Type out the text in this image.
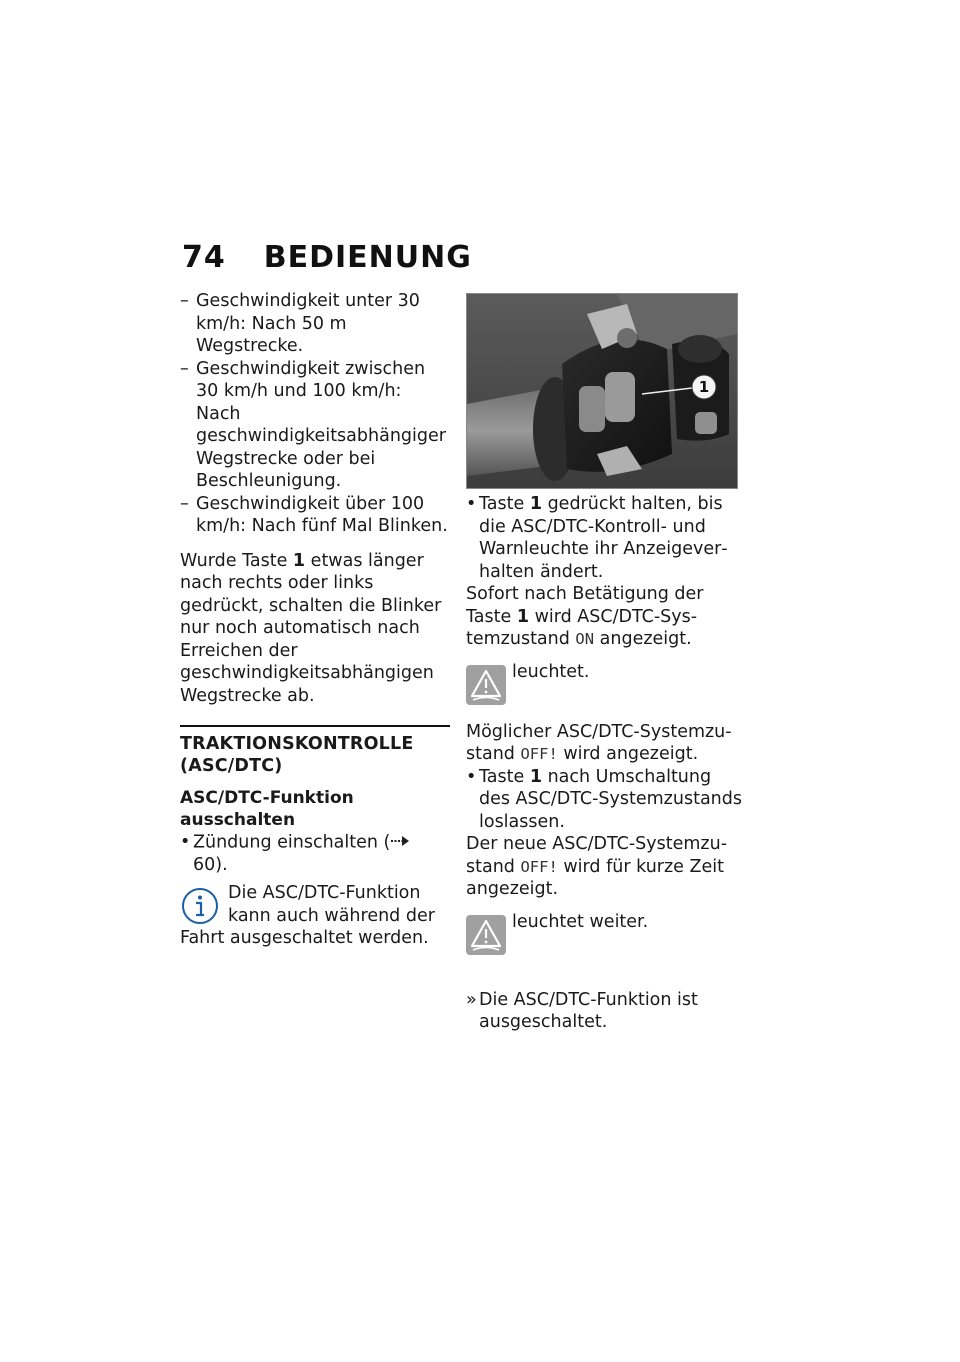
74 BEDIENUNG
– Geschwindigkeit unter 30 km/h: Nach 50 m Wegstrecke.
– Geschwindigkeit zwischen 30 km/h und 100 km/h: Nach geschwindigkeitsabhängiger Wegstrecke oder bei Beschleunigung.
– Geschwindigkeit über 100 km/h: Nach fünf Mal Blinken.

Wurde Taste 1 etwas länger nach rechts oder links gedrückt, schalten die Blinker nur noch automatisch nach Erreichen der geschwindigkeitsabhängigen Wegstrecke ab.

TRAKTIONSKONTROLLE (ASC/DTC)
ASC/DTC-Funktion ausschalten
• Zündung einschalten ( 60).
Die ASC/DTC-Funktion kann auch während der Fahrt ausgeschaltet werden.
1
• Taste 1 gedrückt halten, bis die ASC/DTC-Kontroll- und Warnleuchte ihr Anzeigeverhalten ändert.

Sofort nach Betätigung der Taste 1 wird ASC/DTC-Systemzustand ON angezeigt.

leuchtet.

Möglicher ASC/DTC-Systemzustand OFF! wird angezeigt.

• Taste 1 nach Umschaltung des ASC/DTC-Systemzustands loslassen.

Der neue ASC/DTC-Systemzustand OFF! wird für kurze Zeit angezeigt.

leuchtet weiter.
» Die ASC/DTC-Funktion ist ausgeschaltet.
